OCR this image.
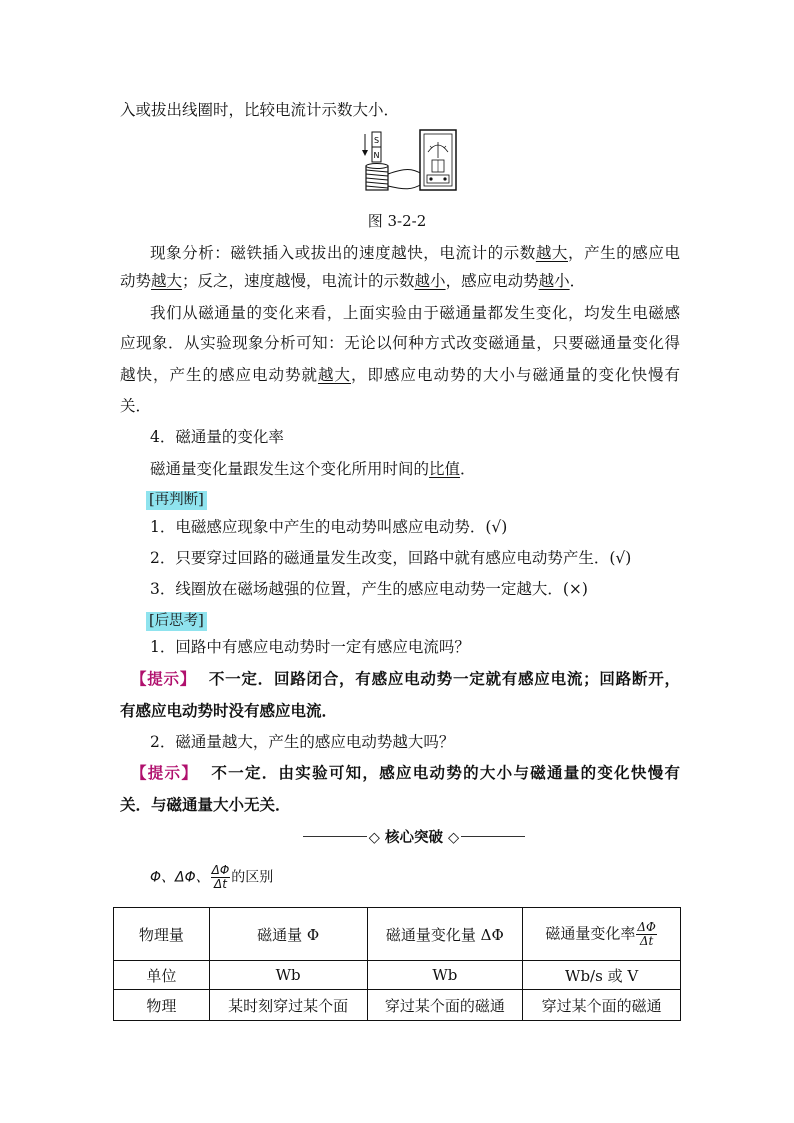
入或拔出线圈时，比较电流计示数大小．
S
N
图 3-2-2
现象分析：磁铁插入或拔出的速度越快，电流计的示数越大，产生的感应电
动势越大；反之，速度越慢，电流计的示数越小，感应电动势越小．
我们从磁通量的变化来看，上面实验由于磁通量都发生变化，均发生电磁感
应现象．从实验现象分析可知：无论以何种方式改变磁通量，只要磁通量变化得
越快，产生的感应电动势就越大，即感应电动势的大小与磁通量的变化快慢有
关．
4．磁通量的变化率
磁通量变化量跟发生这个变化所用时间的比值．
[再判断]
1．电磁感应现象中产生的电动势叫感应电动势．(√)
2．只要穿过回路的磁通量发生改变，回路中就有感应电动势产生．(√)
3．线圈放在磁场越强的位置，产生的感应电动势一定越大．(×)
[后思考]
1．回路中有感应电动势时一定有感应电流吗？
【提示】 不一定．回路闭合，有感应电动势一定就有感应电流；回路断开，
有感应电动势时没有感应电流．
2．磁通量越大，产生的感应电动势越大吗？
【提示】 不一定．由实验可知，感应电动势的大小与磁通量的变化快慢有
关．与磁通量大小无关．
◇ 核心突破 ◇
Φ、ΔΦ、 $\frac{\Delta\Phi}{\Delta t}$ 的区别
物理量	磁通量 Φ	磁通量变化量 ΔΦ	磁通量变化率 $\frac{\Delta\Phi}{\Delta t}$

单位	Wb	Wb	Wb/s 或 V
物理	某时刻穿过某个面	穿过某个面的磁通	穿过某个面的磁通
